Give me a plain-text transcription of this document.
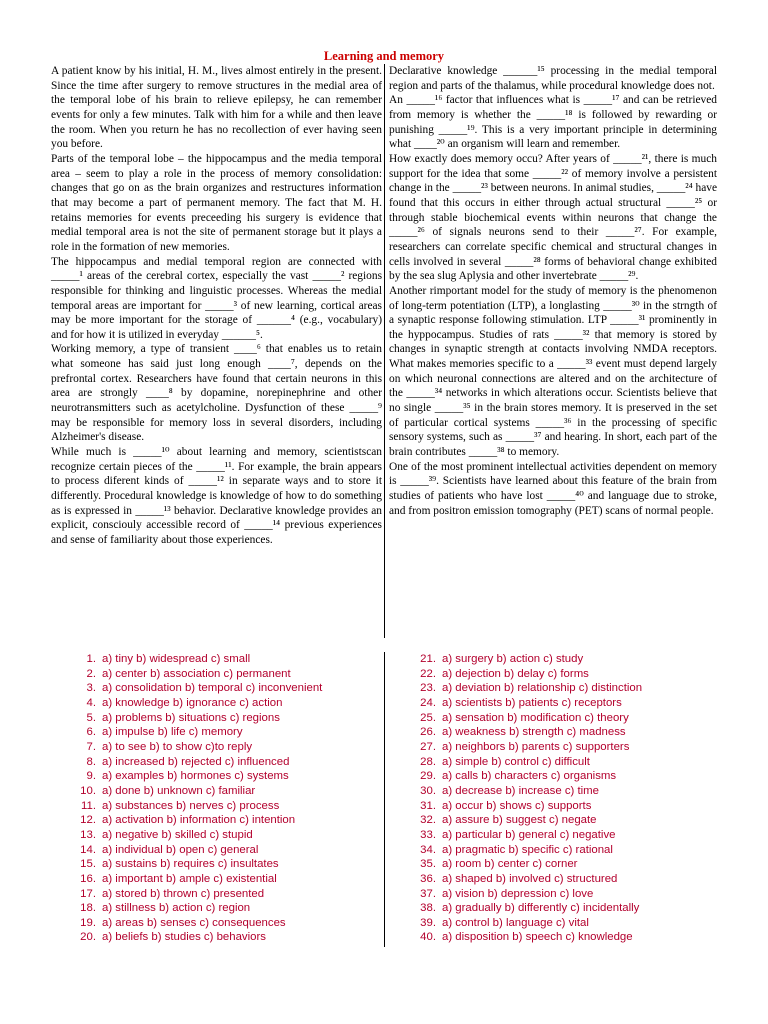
Learning and memory

A patient know by his initial, H. M., lives almost entirely in the present. Since the time after surgery to remove structures in the medial area of the temporal lobe of his brain to relieve epilepsy, he can remember events for only a few minutes. Talk with him for a while and then leave the room. When you return he has no recollection of ever having seen you before.

Parts of the temporal lobe – the hippocampus and the media temporal area – seem to play a role in the process of memory consolidation: changes that go on as the brain organizes and restructures information that may become a part of permanent memory. The fact that M. H. retains memories for events preceeding his surgery is evidence that medial temporal area is not the site of permanent storage but it plays a role in the formation of new memories.

The hippocampus and medial temporal region are connected with _____¹ areas of the cerebral cortex, especially the vast _____² regions responsible for thinking and linguistic processes. Whereas the medial temporal areas are important for _____³ of new learning, cortical areas may be more important for the storage of ______⁴ (e.g., vocabulary) and for how it is utilized in everyday ______⁵.

Working memory, a type of transient ____⁶ that enables us to retain what someone has said just long enough ____⁷, depends on the prefrontal cortex. Researchers have found that certain neurons in this area are strongly ____⁸ by dopamine, norepinephrine and other neurotransmitters such as acetylcholine. Dysfunction of these _____⁹ may be responsible for memory loss in several disorders, including Alzheimer's disease.

While much is _____¹⁰ about learning and memory, scientistscan recognize certain pieces of the _____¹¹. For example, the brain appears to process diferent kinds of _____¹² in separate ways and to store it differently. Procedural knowledge is knowledge of how to do something as is expressed in _____¹³ behavior. Declarative knowledge provides an explicit, consciouly accessible record of _____¹⁴ previous experiences and sense of familiarity about those experiences.

Declarative knowledge ______¹⁵ processing in the medial temporal region and parts of the thalamus, while procedural knowledge does not.

An _____¹⁶ factor that influences what is _____¹⁷ and can be retrieved from memory is whether the _____¹⁸ is followed by rewarding or punishing _____¹⁹. This is a very important principle in determining what ____²⁰ an organism will learn and remember.

How exactly does memory occu? After years of _____²¹, there is much support for the idea that some _____²² of memory involve a persistent change in the _____²³ between neurons. In animal studies, _____²⁴ have found that this occurs in either through actual structural _____²⁵ or through stable biochemical events within neurons that change the _____²⁶ of signals neurons send to their _____²⁷. For example, researchers can correlate specific chemical and structural changes in cells involved in several _____²⁸ forms of behavioral change exhibited by the sea slug Aplysia and other invertebrate _____²⁹.

Another rimportant model for the study of memory is the phenomenon of long-term potentiation (LTP), a longlasting _____³⁰ in the strngth of a synaptic response following stimulation. LTP _____³¹ prominently in the hyppocampus. Studies of rats _____³² that memory is stored by changes in synaptic strength at contacts involving NMDA receptors. What makes memories specific to a _____³³ event must depend largely on which neuronal connections are altered and on the architecture of the _____³⁴ networks in which alterations occur. Scientists believe that no single _____³⁵ in the brain stores memory. It is preserved in the set of particular cortical systems _____³⁶ in the processing of specific sensory systems, such as _____³⁷ and hearing. In short, each part of the brain contributes _____³⁸ to memory.

One of the most prominent intellectual activities dependent on memory is _____³⁹. Scientists have learned about this feature of the brain from studies of patients who have lost _____⁴⁰ and language due to stroke, and from positron emission tomography (PET) scans of normal people.

1. a) tiny b) widespread c) small
2. a) center b) association c) permanent
3. a) consolidation b) temporal c) inconvenient
4. a) knowledge b) ignorance c) action
5. a) problems b) situations c) regions
6. a) impulse b) life c) memory
7. a) to see b) to show c)to reply
8. a) increased b) rejected c) influenced
9. a) examples b) hormones c) systems
10. a) done b) unknown c) familiar
11. a) substances b) nerves c) process
12. a) activation b) information c) intention
13. a) negative b) skilled c) stupid
14. a) individual b) open c) general
15. a) sustains b) requires c) insultates
16. a) important b) ample c) existential
17. a) stored b) thrown c) presented
18. a) stillness b) action c) region
19. a) areas b) senses c) consequences
20. a) beliefs b) studies c) behaviors
21. a) surgery b) action c) study
22. a) dejection b) delay c) forms
23. a) deviation b) relationship c) distinction
24. a) scientists b) patients c) receptors
25. a) sensation b) modification c) theory
26. a) weakness b) strength c) madness
27. a) neighbors b) parents c) supporters
28. a) simple b) control c) difficult
29. a) calls b) characters c) organisms
30. a) decrease b) increase c) time
31. a) occur b) shows c) supports
32. a) assure b) suggest c) negate
33. a) particular b) general c) negative
34. a) pragmatic b) specific c) rational
35. a) room b) center c) corner
36. a) shaped b) involved c) structured
37. a) vision b) depression c) love
38. a) gradually b) differently c) incidentally
39. a) control b) language c) vital
40. a) disposition b) speech c) knowledge
